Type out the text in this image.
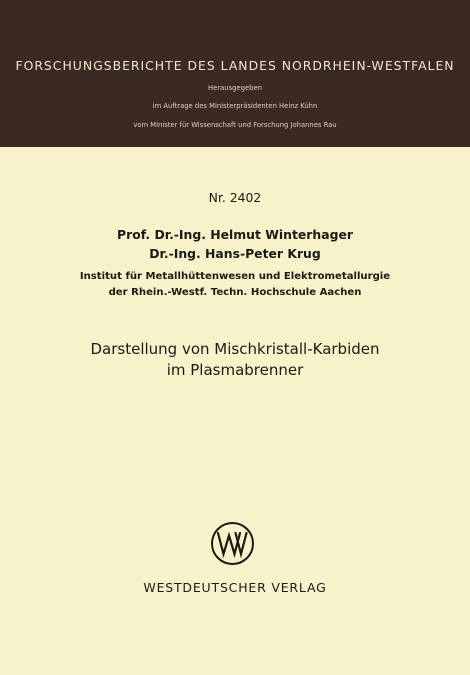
FORSCHUNGSBERICHTE DES LANDES NORDRHEIN-WESTFALEN
Herausgegeben
im Auftrage des Ministerpräsidenten Heinz Kühn
vom Minister für Wissenschaft und Forschung Johannes Rau
Nr. 2402
Prof. Dr.-Ing. Helmut Winterhager
Dr.-Ing. Hans-Peter Krug
Institut für Metallhüttenwesen und Elektrometallurgie
der Rhein.-Westf. Techn. Hochschule Aachen
Darstellung von Mischkristall-Karbiden
im Plasmabrenner
WESTDEUTSCHER VERLAG
